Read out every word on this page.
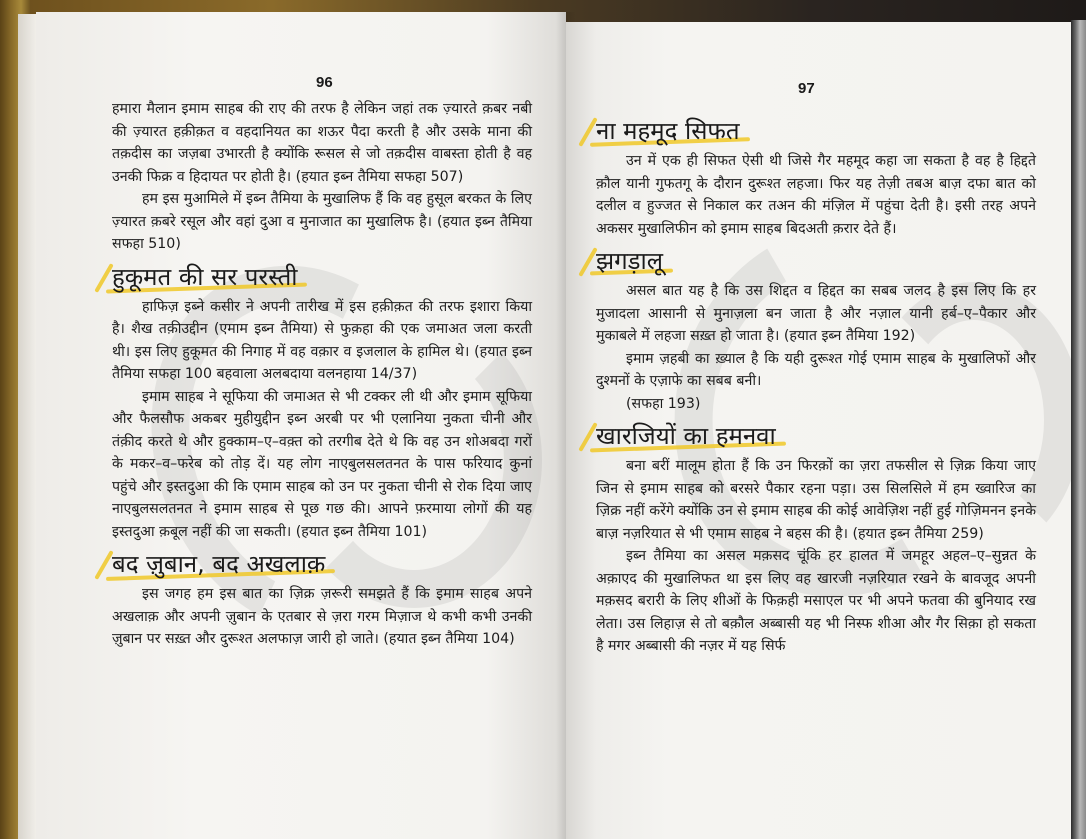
96

हमारा मैलान इमाम साहब की राए की तरफ है लेकिन जहां तक ज़्यारते क़बर नबी की ज़्यारत हक़ीक़त व वहदानियत का शऊर पैदा करती है और उसके माना की तक़दीस का जज़बा उभारती है क्योंकि रूसल से जो तक़दीस वाबस्ता होती है वह उनकी फिक्र व हिदायत पर होती है। (हयात इब्न तैमिया सफहा 507)

हम इस मुआमिले में इब्न तैमिया के मुखालिफ हैं कि वह हुसूल बरकत के लिए ज़्यारत क़बरे रसूल और वहां दुआ व मुनाजात का मुखालिफ है। (हयात इब्न तैमिया सफहा 510)

हुकूमत की सर परस्ती

हाफिज़ इब्ने कसीर ने अपनी तारीख में इस हक़ीक़त की तरफ इशारा किया है। शैख तक़ीउद्दीन (एमाम इब्न तैमिया) से फुक़हा की एक जमाअत जला करती थी। इस लिए हुकूमत की निगाह में वह वक़ार व इजलाल के हामिल थे। (हयात इब्न तैमिया सफहा 100 बहवाला अलबदाया वलनहाया 14/37)

इमाम साहब ने सूफिया की जमाअत से भी टक्कर ली थी और इमाम सूफिया और फैलसौफ अकबर मुहीयुद्दीन इब्न अरबी पर भी एलानिया नुकता चीनी और तंक़ीद करते थे और हुक्काम–ए–वक़्त को तरगीब देते थे कि वह उन शोअबदा गरों के मकर–व–फरेब को तोड़ दें। यह लोग नाएबुलसलतनत के पास फरियाद कुनां पहुंचे और इस्तदुआ की कि एमाम साहब को उन पर नुकता चीनी से रोक दिया जाए नाएबुलसलतनत ने इमाम साहब से पूछ गछ की। आपने फ़रमाया लोगों की यह इस्तदुआ क़बूल नहीं की जा सकती। (हयात इब्न तैमिया 101)

बद ज़ुबान, बद अखलाक़

इस जगह हम इस बात का ज़िक्र ज़रूरी समझते हैं कि इमाम साहब अपने अखलाक़ और अपनी ज़ुबान के एतबार से ज़रा गरम मिज़ाज थे कभी कभी उनकी ज़ुबान पर सख़्त और दुरूश्त अलफाज़ जारी हो जाते। (हयात इब्न तैमिया 104)

97
ना महमूद सिफत

उन में एक ही सिफत ऐसी थी जिसे गैर महमूद कहा जा सकता है वह है हिद्दते क़ौल यानी गुफतगू के दौरान दुरूश्त लहजा। फिर यह तेज़ी तबअ बाज़ दफा बात को दलील व हुज्जत से निकाल कर तअन की मंज़िल में पहुंचा देती है। इसी तरह अपने अकसर मुखालिफीन को इमाम साहब बिदअती क़रार देते हैं।

झगड़ालू

असल बात यह है कि उस शिद्दत व हिद्दत का सबब जलद है इस लिए कि हर मुजादला आसानी से मुनाज़ला बन जाता है और नज़ाल यानी हर्ब–ए–पैकार और मुकाबले में लहजा सख़्त हो जाता है। (हयात इब्न तैमिया 192)

इमाम ज़हबी का ख़्याल है कि यही दुरूश्त गोई एमाम साहब के मुखालिफों और दुश्मनों के एज़ाफे का सबब बनी।

(सफहा 193)

खारजियों का हमनवा

बना बरीं मालूम होता हैं कि उन फिरक़ों का ज़रा तफसील से ज़िक्र किया जाए जिन से इमाम साहब को बरसरे पैकार रहना पड़ा। उस सिलसिले में हम ख्वारिज का ज़िक्र नहीं करेंगे क्योंकि उन से इमाम साहब की कोई आवेज़िश नहीं हुई गोज़िमनन इनके बाज़ नज़रियात से भी एमाम साहब ने बहस की है। (हयात इब्न तैमिया 259)

इब्न तैमिया का असल मक़सद चूंकि हर हालत में जमहूर अहल–ए–सुन्नत के अक़ाएद की मुखालिफत था इस लिए वह खारजी नज़रियात रखने के बावजूद अपनी मक़सद बरारी के लिए शीओं के फिक़ही मसाएल पर भी अपने फतवा की बुनियाद रख लेता। उस लिहाज़ से तो बक़ौल अब्बासी यह भी निस्फ शीआ और गैर सिक़ा हो सकता है मगर अब्बासी की नज़र में यह सिर्फ
